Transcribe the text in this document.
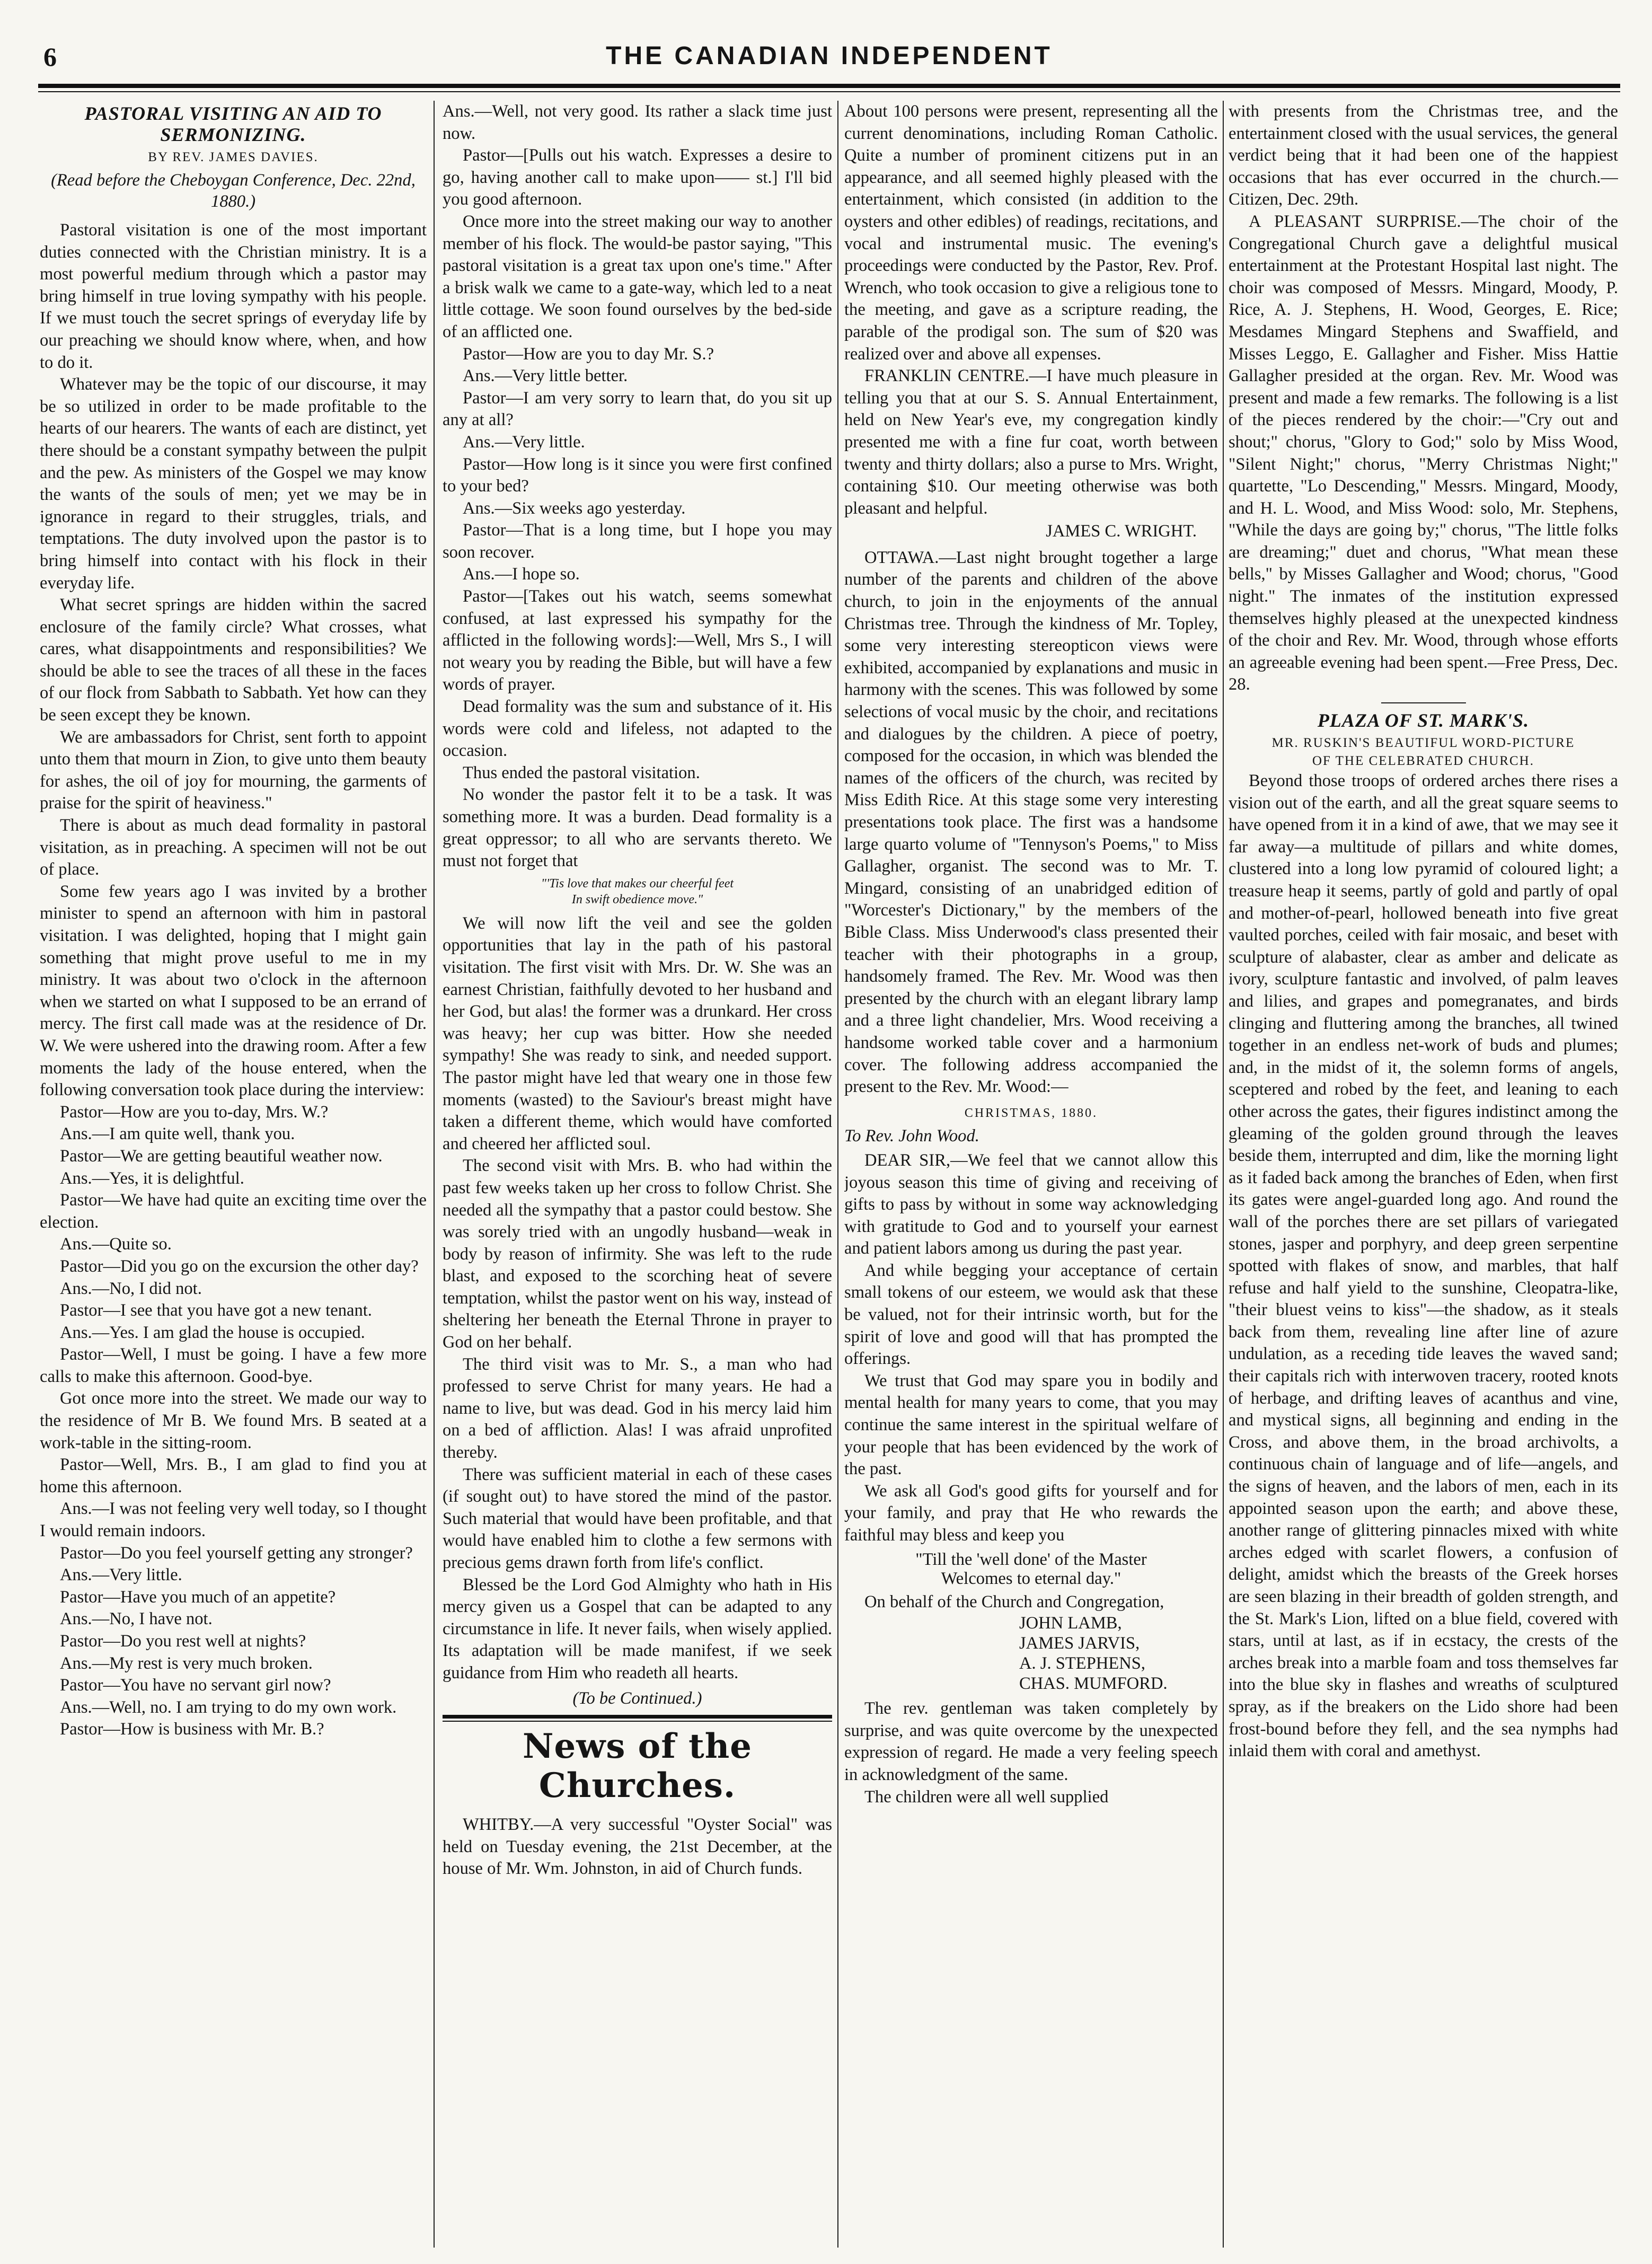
6	THE CANADIAN INDEPENDENT
PASTORAL VISITING AN AID TO SERMONIZING.
BY REV. JAMES DAVIES.
(Read before the Cheboygan Conference, Dec. 22nd, 1880.)

Pastoral visitation is one of the most important duties connected with the Christian ministry. It is a most powerful medium through which a pastor may bring himself in true loving sympathy with his people. If we must touch the secret springs of everyday life by our preaching we should know where, when, and how to do it.

Whatever may be the topic of our discourse, it may be so utilized in order to be made profitable to the hearts of our hearers. The wants of each are distinct, yet there should be a constant sympathy between the pulpit and the pew. As ministers of the Gospel we may know the wants of the souls of men; yet we may be in ignorance in regard to their struggles, trials, and temptations. The duty involved upon the pastor is to bring himself into contact with his flock in their everyday life.

What secret springs are hidden within the sacred enclosure of the family circle? What crosses, what cares, what disappointments and responsibilities? We should be able to see the traces of all these in the faces of our flock from Sabbath to Sabbath. Yet how can they be seen except they be known.

We are ambassadors for Christ, sent forth to appoint unto them that mourn in Zion, to give unto them beauty for ashes, the oil of joy for mourning, the garments of praise for the spirit of heaviness."

There is about as much dead formality in pastoral visitation, as in preaching. A specimen will not be out of place.

Some few years ago I was invited by a brother minister to spend an afternoon with him in pastoral visitation. I was delighted, hoping that I might gain something that might prove useful to me in my ministry. It was about two o'clock in the afternoon when we started on what I supposed to be an errand of mercy. The first call made was at the residence of Dr. W. We were ushered into the drawing room. After a few moments the lady of the house entered, when the following conversation took place during the interview:

Pastor—How are you to-day, Mrs. W.?

Ans.—I am quite well, thank you.

Pastor—We are getting beautiful weather now.

Ans.—Yes, it is delightful.

Pastor—We have had quite an exciting time over the election.

Ans.—Quite so.

Pastor—Did you go on the excursion the other day?

Ans.—No, I did not.

Pastor—I see that you have got a new tenant.

Ans.—Yes. I am glad the house is occupied.

Pastor—Well, I must be going. I have a few more calls to make this afternoon. Good-bye.

Got once more into the street. We made our way to the residence of Mr B. We found Mrs. B seated at a work-table in the sitting-room.

Pastor—Well, Mrs. B., I am glad to find you at home this afternoon.

Ans.—I was not feeling very well today, so I thought I would remain indoors.

Pastor—Do you feel yourself getting any stronger?

Ans.—Very little.

Pastor—Have you much of an appetite?

Ans.—No, I have not.

Pastor—Do you rest well at nights?

Ans.—My rest is very much broken.

Pastor—You have no servant girl now?

Ans.—Well, no. I am trying to do my own work.

Pastor—How is business with Mr. B.?

Ans.—Well, not very good. Its rather a slack time just now.

Pastor—[Pulls out his watch. Expresses a desire to go, having another call to make upon—— st.] I'll bid you good afternoon.

Once more into the street making our way to another member of his flock. The would-be pastor saying, "This pastoral visitation is a great tax upon one's time." After a brisk walk we came to a gate-way, which led to a neat little cottage. We soon found ourselves by the bed-side of an afflicted one.

Pastor—How are you to day Mr. S.?

Ans.—Very little better.

Pastor—I am very sorry to learn that, do you sit up any at all?

Ans.—Very little.

Pastor—How long is it since you were first confined to your bed?

Ans.—Six weeks ago yesterday.

Pastor—That is a long time, but I hope you may soon recover.

Ans.—I hope so.

Pastor—[Takes out his watch, seems somewhat confused, at last expressed his sympathy for the afflicted in the following words]:—Well, Mrs S., I will not weary you by reading the Bible, but will have a few words of prayer.

Dead formality was the sum and substance of it. His words were cold and lifeless, not adapted to the occasion.

Thus ended the pastoral visitation.

No wonder the pastor felt it to be a task. It was something more. It was a burden. Dead formality is a great oppressor; to all who are servants thereto. We must not forget that

"'Tis love that makes our cheerful feet
In swift obedience move."

We will now lift the veil and see the golden opportunities that lay in the path of his pastoral visitation. The first visit with Mrs. Dr. W. She was an earnest Christian, faithfully devoted to her husband and her God, but alas! the former was a drunkard. Her cross was heavy; her cup was bitter. How she needed sympathy! She was ready to sink, and needed support. The pastor might have led that weary one in those few moments (wasted) to the Saviour's breast might have taken a different theme, which would have comforted and cheered her afflicted soul.

The second visit with Mrs. B. who had within the past few weeks taken up her cross to follow Christ. She needed all the sympathy that a pastor could bestow. She was sorely tried with an ungodly husband—weak in body by reason of infirmity. She was left to the rude blast, and exposed to the scorching heat of severe temptation, whilst the pastor went on his way, instead of sheltering her beneath the Eternal Throne in prayer to God on her behalf.

The third visit was to Mr. S., a man who had professed to serve Christ for many years. He had a name to live, but was dead. God in his mercy laid him on a bed of affliction. Alas! I was afraid unprofited thereby.

There was sufficient material in each of these cases (if sought out) to have stored the mind of the pastor. Such material that would have been profitable, and that would have enabled him to clothe a few sermons with precious gems drawn forth from life's conflict.

Blessed be the Lord God Almighty who hath in His mercy given us a Gospel that can be adapted to any circumstance in life. It never fails, when wisely applied. Its adaptation will be made manifest, if we seek guidance from Him who readeth all hearts.

(To be Continued.)
News of the Churches.

WHITBY.—A very successful "Oyster Social" was held on Tuesday evening, the 21st December, at the house of Mr. Wm. Johnston, in aid of Church funds.

About 100 persons were present, representing all the current denominations, including Roman Catholic. Quite a number of prominent citizens put in an appearance, and all seemed highly pleased with the entertainment, which consisted (in addition to the oysters and other edibles) of readings, recitations, and vocal and instrumental music. The evening's proceedings were conducted by the Pastor, Rev. Prof. Wrench, who took occasion to give a religious tone to the meeting, and gave as a scripture reading, the parable of the prodigal son. The sum of $20 was realized over and above all expenses.

FRANKLIN CENTRE.—I have much pleasure in telling you that at our S. S. Annual Entertainment, held on New Year's eve, my congregation kindly presented me with a fine fur coat, worth between twenty and thirty dollars; also a purse to Mrs. Wright, containing $10. Our meeting otherwise was both pleasant and helpful.

JAMES C. WRIGHT.

OTTAWA.—Last night brought together a large number of the parents and children of the above church, to join in the enjoyments of the annual Christmas tree. Through the kindness of Mr. Topley, some very interesting stereopticon views were exhibited, accompanied by explanations and music in harmony with the scenes. This was followed by some selections of vocal music by the choir, and recitations and dialogues by the children. A piece of poetry, composed for the occasion, in which was blended the names of the officers of the church, was recited by Miss Edith Rice. At this stage some very interesting presentations took place. The first was a handsome large quarto volume of "Tennyson's Poems," to Miss Gallagher, organist. The second was to Mr. T. Mingard, consisting of an unabridged edition of "Worcester's Dictionary," by the members of the Bible Class. Miss Underwood's class presented their teacher with their photographs in a group, handsomely framed. The Rev. Mr. Wood was then presented by the church with an elegant library lamp and a three light chandelier, Mrs. Wood receiving a handsome worked table cover and a harmonium cover. The following address accompanied the present to the Rev. Mr. Wood:—

CHRISTMAS, 1880.
To Rev. John Wood.

DEAR SIR,—We feel that we cannot allow this joyous season this time of giving and receiving of gifts to pass by without in some way acknowledging with gratitude to God and to yourself your earnest and patient labors among us during the past year.

And while begging your acceptance of certain small tokens of our esteem, we would ask that these be valued, not for their intrinsic worth, but for the spirit of love and good will that has prompted the offerings.

We trust that God may spare you in bodily and mental health for many years to come, that you may continue the same interest in the spiritual welfare of your people that has been evidenced by the work of the past.

We ask all God's good gifts for yourself and for your family, and pray that He who rewards the faithful may bless and keep you

"Till the 'well done' of the Master
Welcomes to eternal day."

On behalf of the Church and Congregation,

JOHN LAMB,
JAMES JARVIS,
A. J. STEPHENS,
CHAS. MUMFORD.

The rev. gentleman was taken completely by surprise, and was quite overcome by the unexpected expression of regard. He made a very feeling speech in acknowledgment of the same.

The children were all well supplied

with presents from the Christmas tree, and the entertainment closed with the usual services, the general verdict being that it had been one of the happiest occasions that has ever occurred in the church.—Citizen, Dec. 29th.

A PLEASANT SURPRISE.—The choir of the Congregational Church gave a delightful musical entertainment at the Protestant Hospital last night. The choir was composed of Messrs. Mingard, Moody, P. Rice, A. J. Stephens, H. Wood, Georges, E. Rice; Mesdames Mingard Stephens and Swaffield, and Misses Leggo, E. Gallagher and Fisher. Miss Hattie Gallagher presided at the organ. Rev. Mr. Wood was present and made a few remarks. The following is a list of the pieces rendered by the choir:—"Cry out and shout;" chorus, "Glory to God;" solo by Miss Wood, "Silent Night;" chorus, "Merry Christmas Night;" quartette, "Lo Descending," Messrs. Mingard, Moody, and H. L. Wood, and Miss Wood: solo, Mr. Stephens, "While the days are going by;" chorus, "The little folks are dreaming;" duet and chorus, "What mean these bells," by Misses Gallagher and Wood; chorus, "Good night." The inmates of the institution expressed themselves highly pleased at the unexpected kindness of the choir and Rev. Mr. Wood, through whose efforts an agreeable evening had been spent.—Free Press, Dec. 28.

PLAZA OF ST. MARK'S.
MR. RUSKIN'S BEAUTIFUL WORD-PICTURE
OF THE CELEBRATED CHURCH.

Beyond those troops of ordered arches there rises a vision out of the earth, and all the great square seems to have opened from it in a kind of awe, that we may see it far away—a multitude of pillars and white domes, clustered into a long low pyramid of coloured light; a treasure heap it seems, partly of gold and partly of opal and mother-of-pearl, hollowed beneath into five great vaulted porches, ceiled with fair mosaic, and beset with sculpture of alabaster, clear as amber and delicate as ivory, sculpture fantastic and involved, of palm leaves and lilies, and grapes and pomegranates, and birds clinging and fluttering among the branches, all twined together in an endless net-work of buds and plumes; and, in the midst of it, the solemn forms of angels, sceptered and robed by the feet, and leaning to each other across the gates, their figures indistinct among the gleaming of the golden ground through the leaves beside them, interrupted and dim, like the morning light as it faded back among the branches of Eden, when first its gates were angel-guarded long ago. And round the wall of the porches there are set pillars of variegated stones, jasper and porphyry, and deep green serpentine spotted with flakes of snow, and marbles, that half refuse and half yield to the sunshine, Cleopatra-like, "their bluest veins to kiss"—the shadow, as it steals back from them, revealing line after line of azure undulation, as a receding tide leaves the waved sand; their capitals rich with interwoven tracery, rooted knots of herbage, and drifting leaves of acanthus and vine, and mystical signs, all beginning and ending in the Cross, and above them, in the broad archivolts, a continuous chain of language and of life—angels, and the signs of heaven, and the labors of men, each in its appointed season upon the earth; and above these, another range of glittering pinnacles mixed with white arches edged with scarlet flowers, a confusion of delight, amidst which the breasts of the Greek horses are seen blazing in their breadth of golden strength, and the St. Mark's Lion, lifted on a blue field, covered with stars, until at last, as if in ecstacy, the crests of the arches break into a marble foam and toss themselves far into the blue sky in flashes and wreaths of sculptured spray, as if the breakers on the Lido shore had been frost-bound before they fell, and the sea nymphs had inlaid them with coral and amethyst.
